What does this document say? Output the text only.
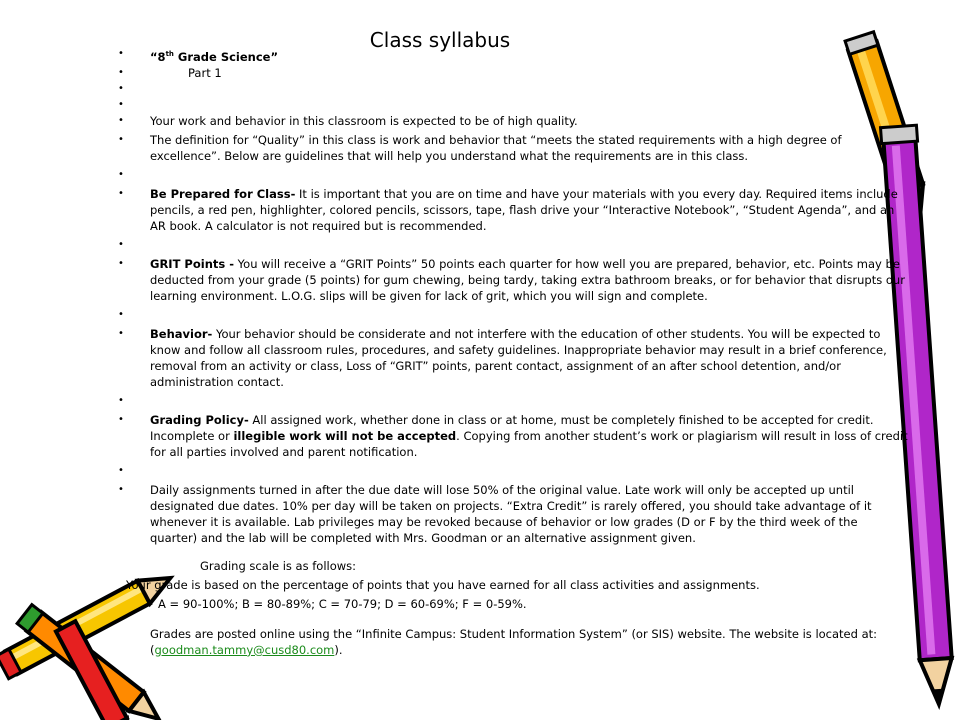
Class syllabus
• “8th Grade Science”
• Part 1
•
•
• Your work and behavior in this classroom is expected to be of high quality.
• The definition for “Quality” in this class is work and behavior that “meets the stated requirements with a high degree of excellence”. Below are guidelines that will help you understand what the requirements are in this class.
•
• Be Prepared for Class- It is important that you are on time and have your materials with you every day. Required items include pencils, a red pen, highlighter, colored pencils, scissors, tape, flash drive your “Interactive Notebook”, “Student Agenda”, and an AR book. A calculator is not required but is recommended.
•
• GRIT Points - You will receive a “GRIT Points” 50 points each quarter for how well you are prepared, behavior, etc. Points may be deducted from your grade (5 points) for gum chewing, being tardy, taking extra bathroom breaks, or for behavior that disrupts our learning environment. L.O.G. slips will be given for lack of grit, which you will sign and complete.
•
• Behavior- Your behavior should be considerate and not interfere with the education of other students. You will be expected to know and follow all classroom rules, procedures, and safety guidelines. Inappropriate behavior may result in a brief conference, removal from an activity or class, Loss of “GRIT” points, parent contact, assignment of an after school detention, and/or administration contact.
•
• Grading Policy- All assigned work, whether done in class or at home, must be completely finished to be accepted for credit. Incomplete or illegible work will not be accepted. Copying from another student’s work or plagiarism will result in loss of credit for all parties involved and parent notification.
•
• Daily assignments turned in after the due date will lose 50% of the original value. Late work will only be accepted up until designated due dates. 10% per day will be taken on projects. “Extra Credit” is rarely offered, you should take advantage of it whenever it is available. Lab privileges may be revoked because of behavior or low grades (D or F by the third week of the quarter) and the lab will be completed with Mrs. Goodman or an alternative assignment given.
Grading scale is as follows:
Your grade is based on the percentage of points that you have earned for all class activities and assignments.
A = 90-100%; B = 80-89%; C = 70-79; D = 60-69%; F = 0-59%.
Grades are posted online using the “Infinite Campus: Student Information System” (or SIS) website. The website is located at: (goodman.tammy@cusd80.com).
